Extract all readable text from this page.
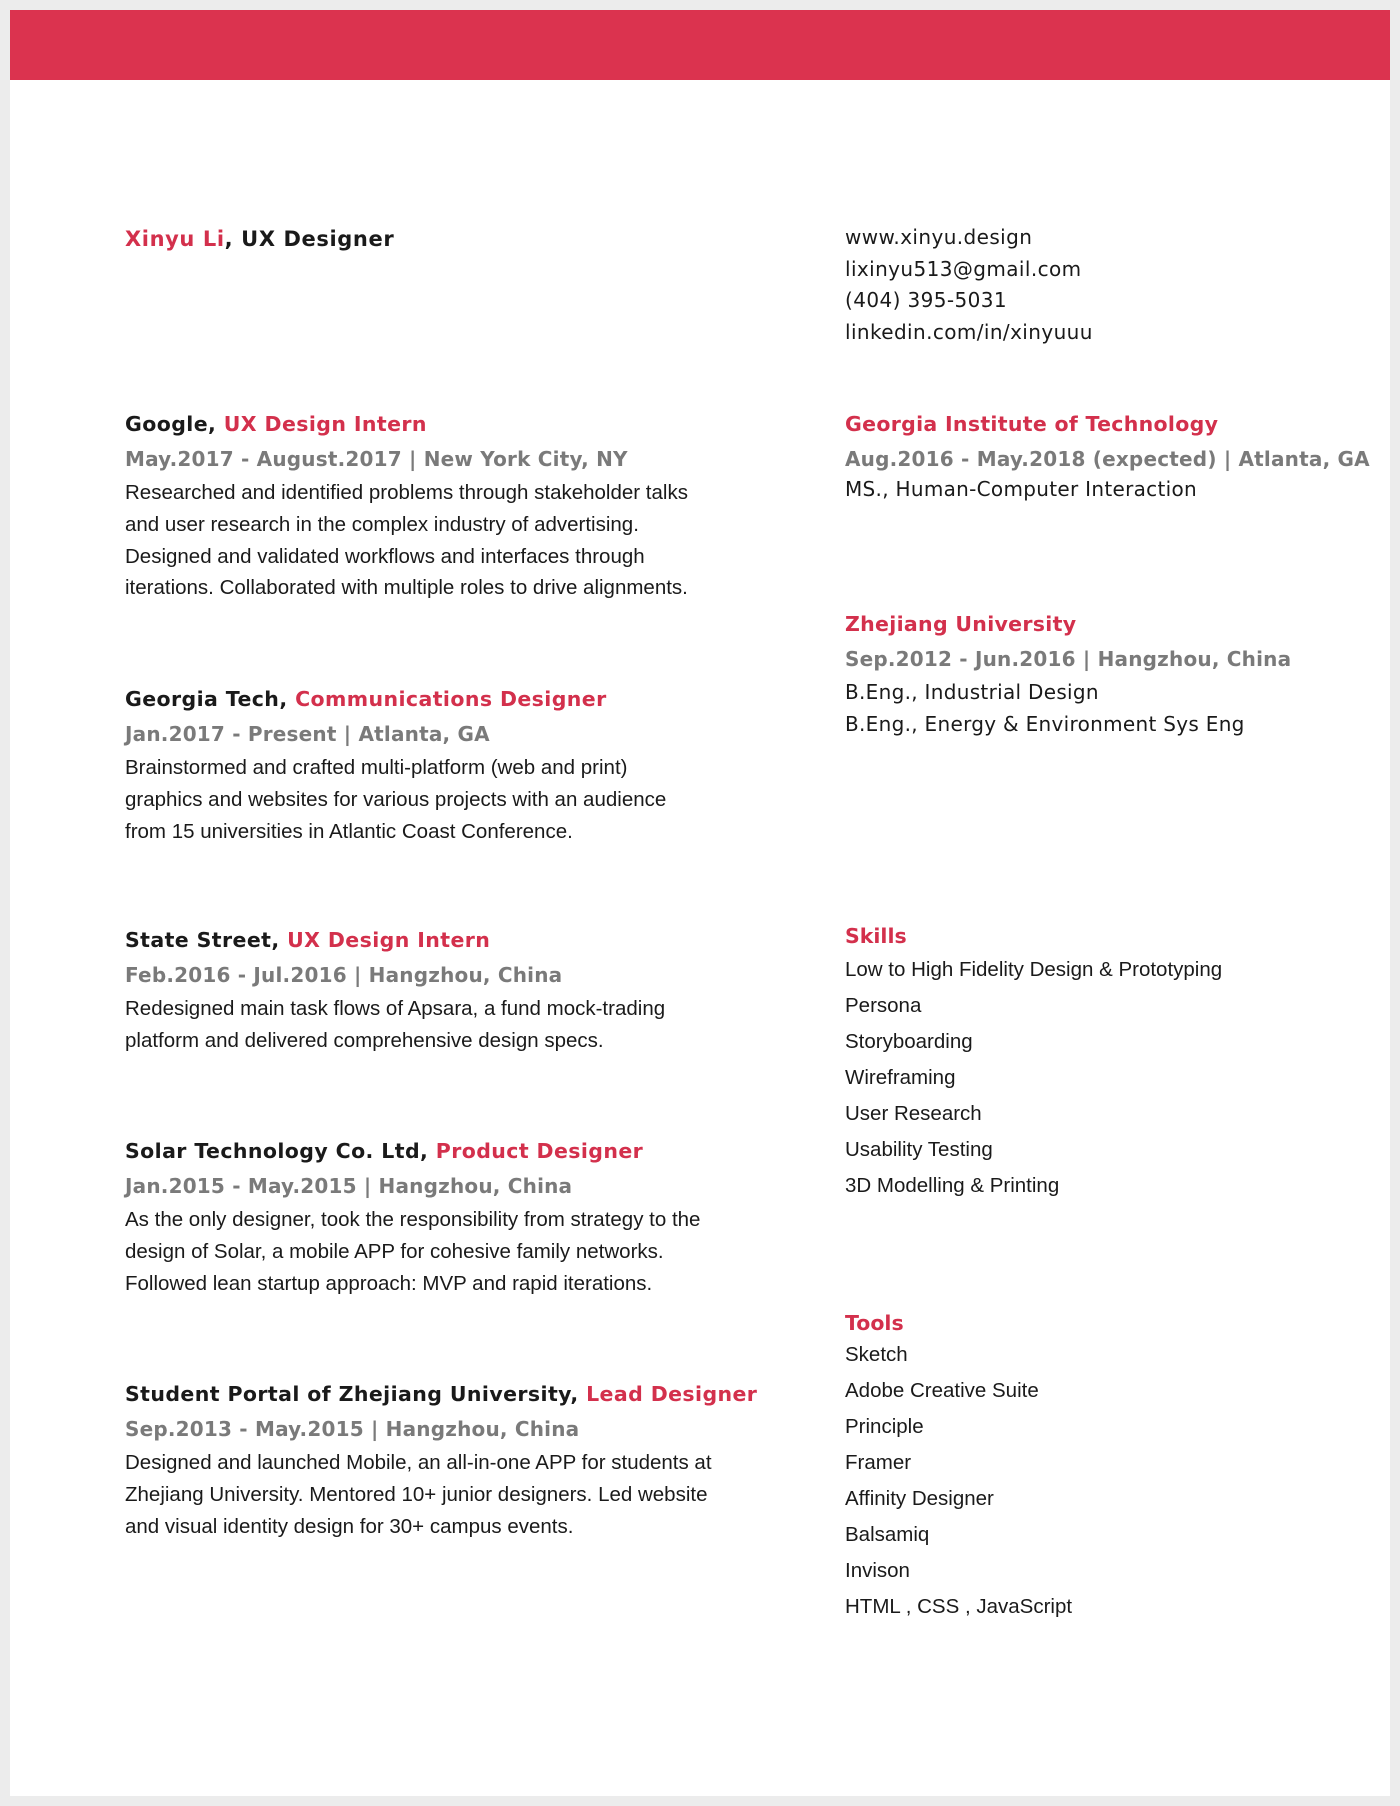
Xinyu Li, UX Designer	www.xinyu.design
lixinyu513@gmail.com
(404) 395-5031
linkedin.com/in/xinyuuu
Google, UX Design Intern
May.2017 - August.2017 | New York City, NY
Researched and identified problems through stakeholder talks
and user research in the complex industry of advertising.
Designed and validated workflows and interfaces through
iterations. Collaborated with multiple roles to drive alignments.
Georgia Tech, Communications Designer
Jan.2017 - Present | Atlanta, GA
Brainstormed and crafted multi-platform (web and print)
graphics and websites for various projects with an audience
from 15 universities in Atlantic Coast Conference.
State Street, UX Design Intern
Feb.2016 - Jul.2016 | Hangzhou, China
Redesigned main task flows of Apsara, a fund mock-trading
platform and delivered comprehensive design specs.
Solar Technology Co. Ltd, Product Designer
Jan.2015 - May.2015 | Hangzhou, China
As the only designer, took the responsibility from strategy to the
design of Solar, a mobile APP for cohesive family networks.
Followed lean startup approach: MVP and rapid iterations.
Student Portal of Zhejiang University, Lead Designer
Sep.2013 - May.2015 | Hangzhou, China
Designed and launched Mobile, an all-in-one APP for students at
Zhejiang University. Mentored 10+ junior designers. Led website
and visual identity design for 30+ campus events.
Georgia Institute of Technology
Aug.2016 - May.2018 (expected) | Atlanta, GA
MS., Human-Computer Interaction
Zhejiang University
Sep.2012 - Jun.2016 | Hangzhou, China
B.Eng., Industrial Design
B.Eng., Energy & Environment Sys Eng
Skills
Low to High Fidelity Design & Prototyping
Persona
Storyboarding
Wireframing
User Research
Usability Testing
3D Modelling & Printing
Tools
Sketch
Adobe Creative Suite
Principle
Framer
Affinity Designer
Balsamiq
Invison
HTML , CSS , JavaScript
